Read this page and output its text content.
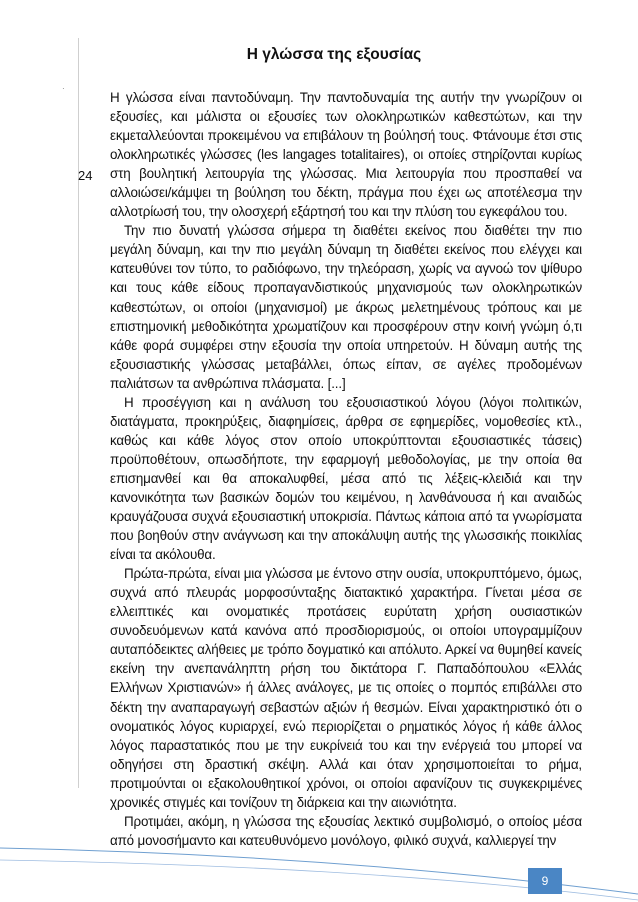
·
Η γλώσσα της εξουσίας
24

Η γλώσσα είναι παντοδύναμη. Την παντοδυναμία της αυτήν την γνωρίζουν οι εξουσίες, και μάλιστα οι εξουσίες των ολοκληρωτικών καθεστώτων, και την εκμεταλλεύονται προκειμένου να επιβάλουν τη βούλησή τους. Φτάνουμε έτσι στις ολοκληρωτικές γλώσσες (les langages totalitaires), οι οποίες στηρίζονται κυρίως στη βουλητική λειτουργία της γλώσσας. Μια λειτουργία που προσπαθεί να αλλοιώσει/κάμψει τη βούληση του δέκτη, πράγμα που έχει ως αποτέλεσμα την αλλοτρίωσή του, την ολοσχερή εξάρτησή του και την πλύση του εγκεφάλου του.

Την πιο δυνατή γλώσσα σήμερα τη διαθέτει εκείνος που διαθέτει την πιο μεγάλη δύναμη, και την πιο μεγάλη δύναμη τη διαθέτει εκείνος που ελέγχει και κατευθύνει τον τύπο, το ραδιόφωνο, την τηλεόραση, χωρίς να αγνοώ τον ψίθυρο και τους κάθε είδους προπαγανδιστικούς μηχανισμούς των ολοκληρωτικών καθεστώτων, οι οποίοι (μηχανισμοί) με άκρως μελετημένους τρόπους και με επιστημονική μεθοδικότητα χρωματίζουν και προσφέρουν στην κοινή γνώμη ό,τι κάθε φορά συμφέρει στην εξουσία την οποία υπηρετούν. Η δύναμη αυτής της εξουσιαστικής γλώσσας μεταβάλλει, όπως είπαν, σε αγέλες προδομένων παλιάτσων τα ανθρώπινα πλάσματα. [...]

Η προσέγγιση και η ανάλυση του εξουσιαστικού λόγου (λόγοι πολιτικών, διατάγματα, προκηρύξεις, διαφημίσεις, άρθρα σε εφημερίδες, νομοθεσίες κτλ., καθώς και κάθε λόγος στον οποίο υποκρύπτονται εξουσιαστικές τάσεις) προϋποθέτουν, οπωσδήποτε, την εφαρμογή μεθοδολογίας, με την οποία θα επισημανθεί και θα αποκαλυφθεί, μέσα από τις λέξεις-κλειδιά και την κανονικότητα των βασικών δομών του κειμένου, η λανθάνουσα ή και αναιδώς κραυγάζουσα συχνά εξουσιαστική υποκρισία. Πάντως κάποια από τα γνωρίσματα που βοηθούν στην ανάγνωση και την αποκάλυψη αυτής της γλωσσικής ποικιλίας είναι τα ακόλουθα.

Πρώτα-πρώτα, είναι μια γλώσσα με έντονο στην ουσία, υποκρυπτόμενο, όμως, συχνά από πλευράς μορφοσύνταξης διατακτικό χαρακτήρα. Γίνεται μέσα σε ελλειπτικές και ονοματικές προτάσεις ευρύτατη χρήση ουσιαστικών συνοδευόμενων κατά κανόνα από προσδιορισμούς, οι οποίοι υπογραμμίζουν αυταπόδεικτες αλήθειες με τρόπο δογματικό και απόλυτο. Αρκεί να θυμηθεί κανείς εκείνη την ανεπανάληπτη ρήση του δικτάτορα Γ. Παπαδόπουλου «Ελλάς Ελλήνων Χριστιανών» ή άλλες ανάλογες, με τις οποίες ο πομπός επιβάλλει στο δέκτη την αναπαραγωγή σεβαστών αξιών ή θεσμών. Είναι χαρακτηριστικό ότι ο ονοματικός λόγος κυριαρχεί, ενώ περιορίζεται ο ρηματικός λόγος ή κάθε άλλος λόγος παραστατικός που με την ευκρίνειά του και την ενέργειά του μπορεί να οδηγήσει στη δραστική σκέψη. Αλλά και όταν χρησιμοποιείται το ρήμα, προτιμούνται οι εξακολουθητικοί χρόνοι, οι οποίοι αφανίζουν τις συγκεκριμένες χρονικές στιγμές και τονίζουν τη διάρκεια και την αιωνιότητα.

Προτιμάει, ακόμη, η γλώσσα της εξουσίας λεκτικό συμβολισμό, ο οποίος μέσα από μονοσήμαντο και κατευθυνόμενο μονόλογο, φιλικό συχνά, καλλιεργεί την

9
